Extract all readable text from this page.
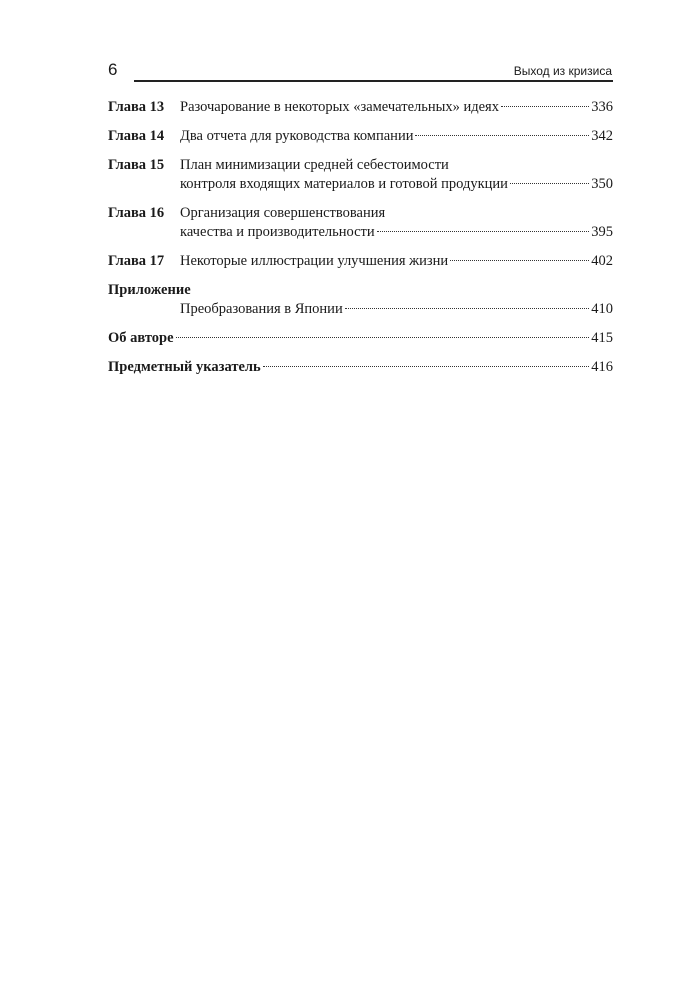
6	Выход из кризиса
Глава 13	Разочарование в некоторых «замечательных» идеях	336
Глава 14	Два отчета для руководства компании	342
Глава 15	План минимизации средней себестоимости
контроля входящих материалов и готовой продукции	350
Глава 16	Организация совершенствования
качества и производительности	395
Глава 17	Некоторые иллюстрации улучшения жизни	402
Приложение
Преобразования в Японии	410
Об авторе	415
Предметный указатель	416
